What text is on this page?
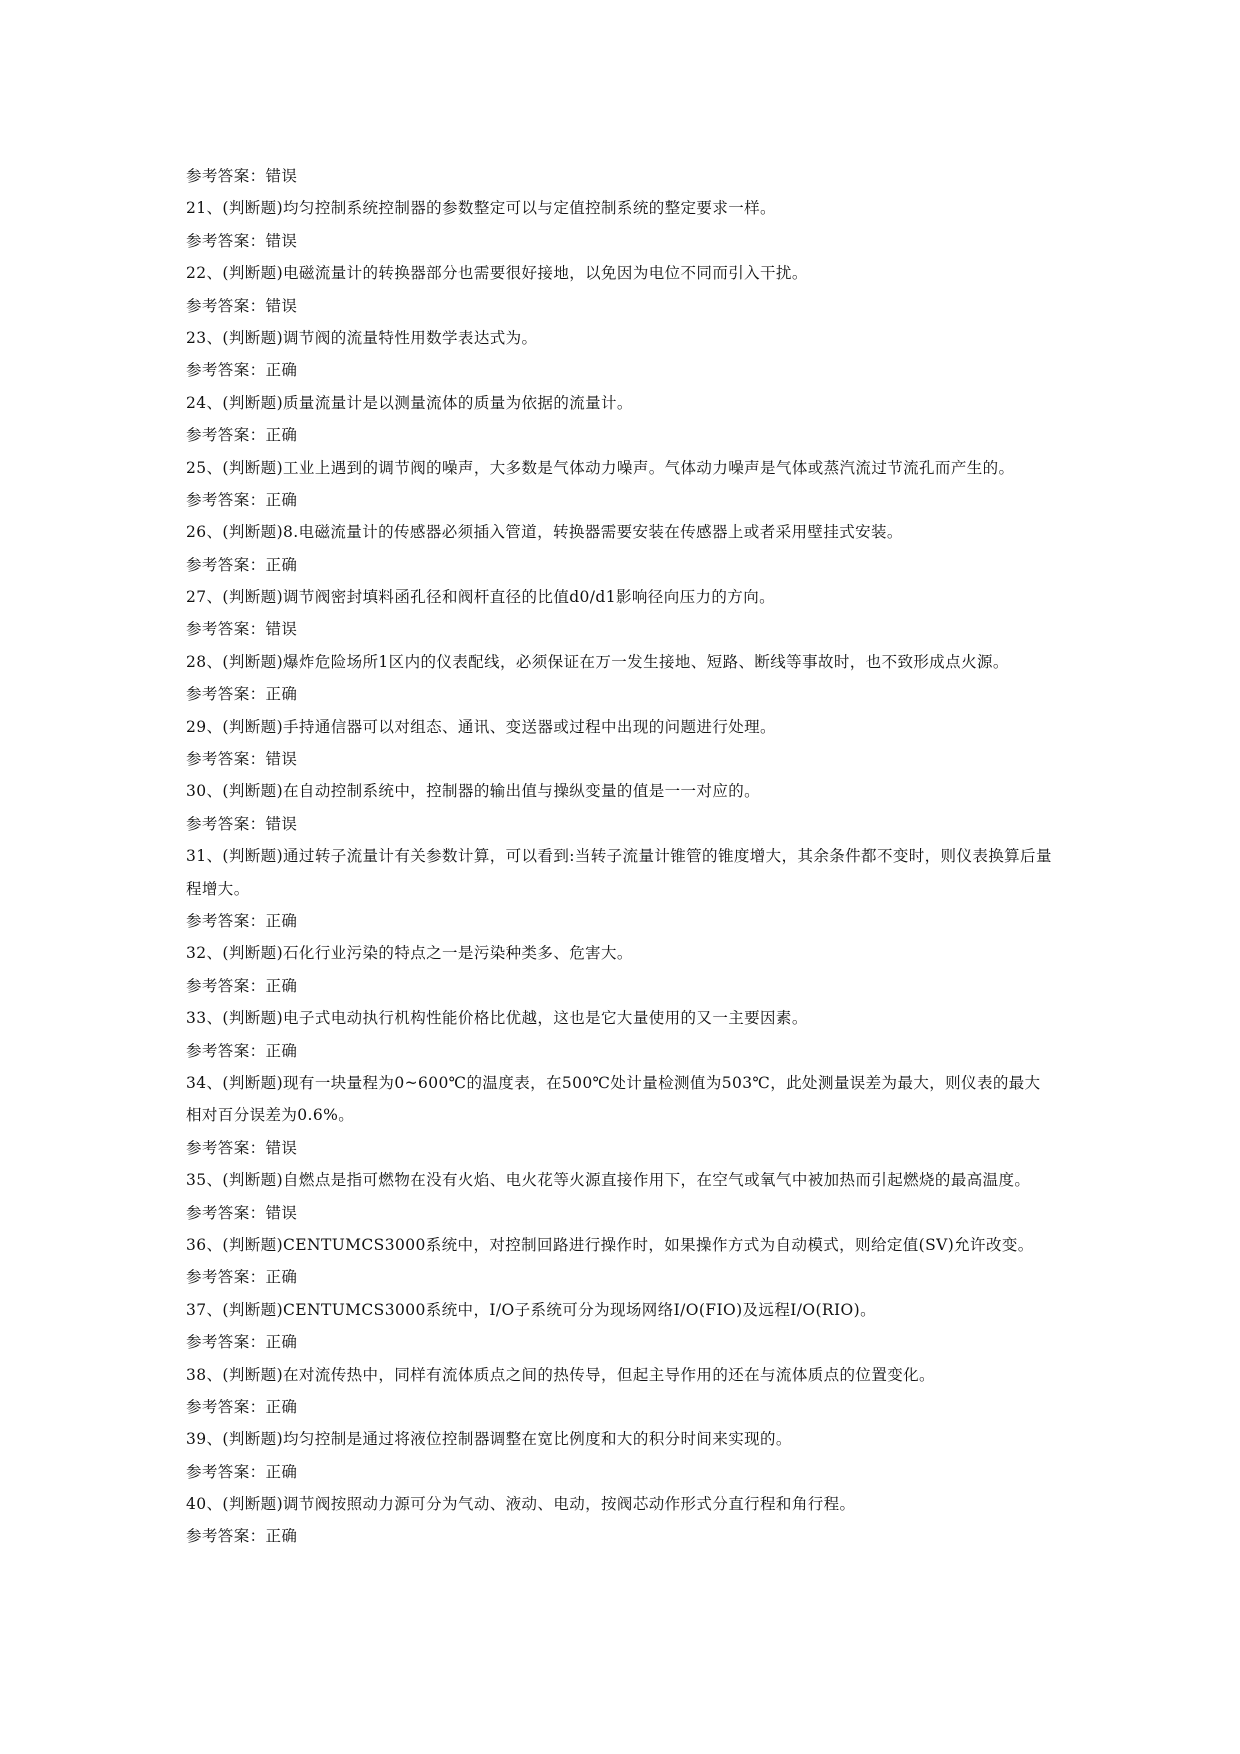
参考答案：错误
21、(判断题)均匀控制系统控制器的参数整定可以与定值控制系统的整定要求一样。
参考答案：错误
22、(判断题)电磁流量计的转换器部分也需要很好接地，以免因为电位不同而引入干扰。
参考答案：错误
23、(判断题)调节阀的流量特性用数学表达式为。
参考答案：正确
24、(判断题)质量流量计是以测量流体的质量为依据的流量计。
参考答案：正确
25、(判断题)工业上遇到的调节阀的噪声，大多数是气体动力噪声。气体动力噪声是气体或蒸汽流过节流孔而产生的。
参考答案：正确
26、(判断题)8.电磁流量计的传感器必须插入管道，转换器需要安装在传感器上或者采用壁挂式安装。
参考答案：正确
27、(判断题)调节阀密封填料函孔径和阀杆直径的比值d0/d1影响径向压力的方向。
参考答案：错误
28、(判断题)爆炸危险场所1区内的仪表配线，必须保证在万一发生接地、短路、断线等事故时，也不致形成点火源。
参考答案：正确
29、(判断题)手持通信器可以对组态、通讯、变送器或过程中出现的问题进行处理。
参考答案：错误
30、(判断题)在自动控制系统中，控制器的输出值与操纵变量的值是一一对应的。
参考答案：错误
31、(判断题)通过转子流量计有关参数计算，可以看到:当转子流量计锥管的锥度增大，其余条件都不变时，则仪表换算后量程增大。
参考答案：正确
32、(判断题)石化行业污染的特点之一是污染种类多、危害大。
参考答案：正确
33、(判断题)电子式电动执行机构性能价格比优越，这也是它大量使用的又一主要因素。
参考答案：正确
34、(判断题)现有一块量程为0~600℃的温度表，在500℃处计量检测值为503℃，此处测量误差为最大，则仪表的最大相对百分误差为0.6%。
参考答案：错误
35、(判断题)自燃点是指可燃物在没有火焰、电火花等火源直接作用下，在空气或氧气中被加热而引起燃烧的最高温度。
参考答案：错误
36、(判断题)CENTUMCS3000系统中，对控制回路进行操作时，如果操作方式为自动模式，则给定值(SV)允许改变。
参考答案：正确
37、(判断题)CENTUMCS3000系统中，I/O子系统可分为现场网络I/O(FIO)及远程I/O(RIO)。
参考答案：正确
38、(判断题)在对流传热中，同样有流体质点之间的热传导，但起主导作用的还在与流体质点的位置变化。
参考答案：正确
39、(判断题)均匀控制是通过将液位控制器调整在宽比例度和大的积分时间来实现的。
参考答案：正确
40、(判断题)调节阀按照动力源可分为气动、液动、电动，按阀芯动作形式分直行程和角行程。
参考答案：正确
